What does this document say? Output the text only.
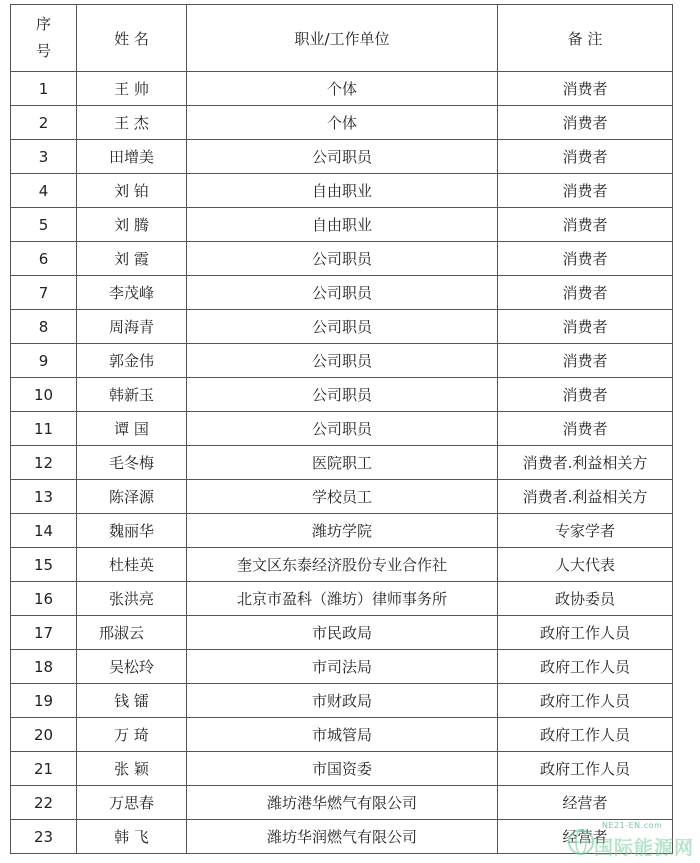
序
号	姓 名	职业/工作单位	备 注
1	王 帅	个体	消费者
2	王 杰	个体	消费者
3	田增美	公司职员	消费者
4	刘 铂	自由职业	消费者
5	刘 腾	自由职业	消费者
6	刘 霞	公司职员	消费者
7	李茂峰	公司职员	消费者
8	周海青	公司职员	消费者
9	郭金伟	公司职员	消费者
10	韩新玉	公司职员	消费者
11	谭 国	公司职员	消费者
12	毛冬梅	医院职工	消费者.利益相关方
13	陈泽源	学校员工	消费者.利益相关方
14	魏丽华	潍坊学院	专家学者
15	杜桂英	奎文区东泰经济股份专业合作社	人大代表
16	张洪亮	北京市盈科（潍坊）律师事务所	政协委员
17	邢淑云	市民政局	政府工作人员
18	吴松玲	市司法局	政府工作人员
19	钱 镭	市财政局	政府工作人员
20	万 琦	市城管局	政府工作人员
21	张 颖	市国资委	政府工作人员
22	万思春	潍坊港华燃气有限公司	经营者
23	韩 飞	潍坊华润燃气有限公司	经营者
NE21-EN.com
国际能源网
